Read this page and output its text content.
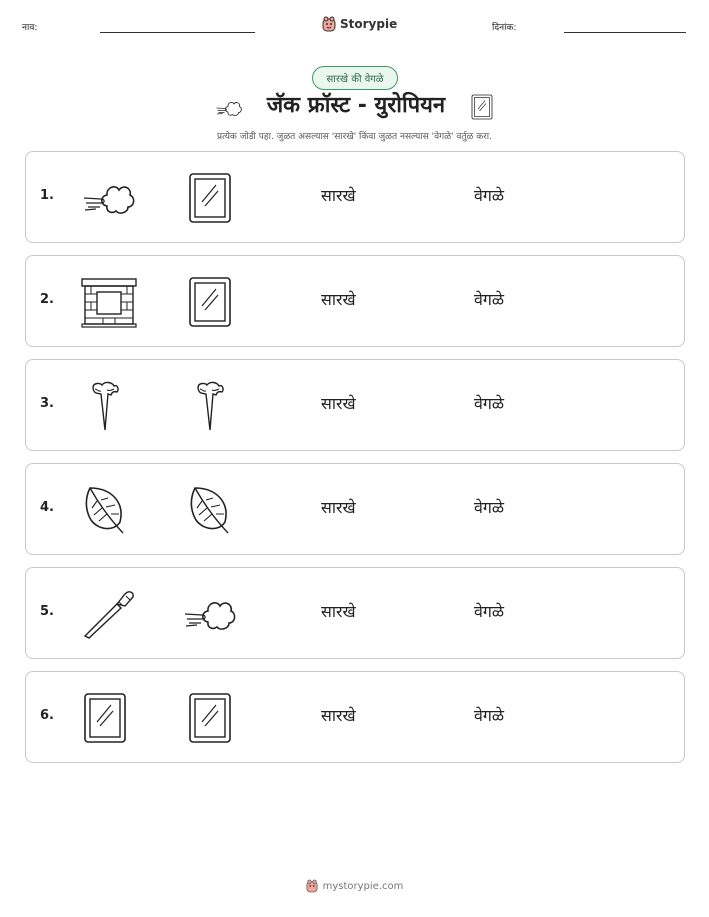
नाव:	Storypie	दिनांक:
सारखे की वेगळे
जॅक फ्रॉस्ट - युरोपियन
प्रत्येक जोडी पहा. जुळत असल्यास 'सारखे' किंवा जुळत नसल्यास 'वेगळे' वर्तुळ करा.
1.	सारखे	वेगळे
2.	सारखे	वेगळे
3.	सारखे	वेगळे
4.	सारखे	वेगळे
5.	सारखे	वेगळे
6.	सारखे	वेगळे
mystorypie.com
